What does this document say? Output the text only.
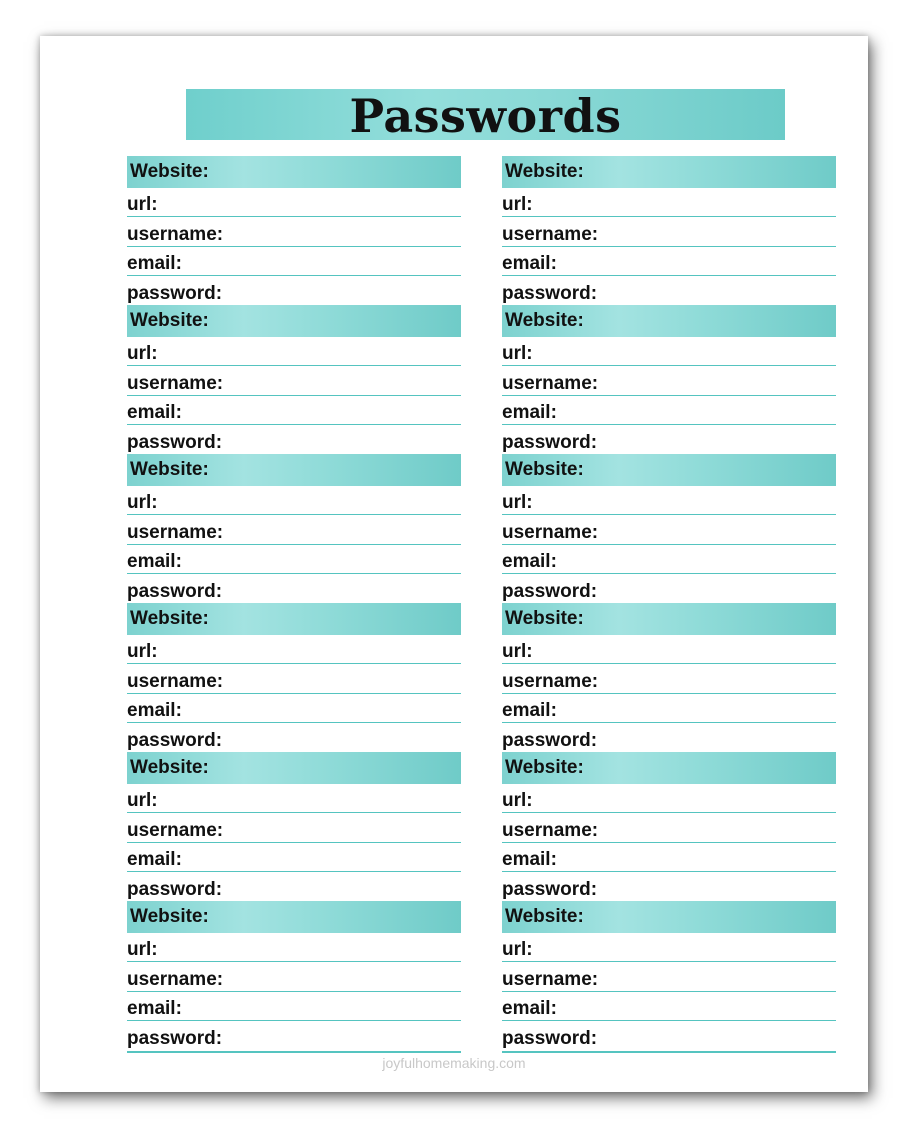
Passwords
Website:
url:
username:
email:
password:
Website:
url:
username:
email:
password:
Website:
url:
username:
email:
password:
Website:
url:
username:
email:
password:
Website:
url:
username:
email:
password:
Website:
url:
username:
email:
password:
Website:
url:
username:
email:
password:
Website:
url:
username:
email:
password:
Website:
url:
username:
email:
password:
Website:
url:
username:
email:
password:
Website:
url:
username:
email:
password:
Website:
url:
username:
email:
password:
joyfulhomemaking.com
